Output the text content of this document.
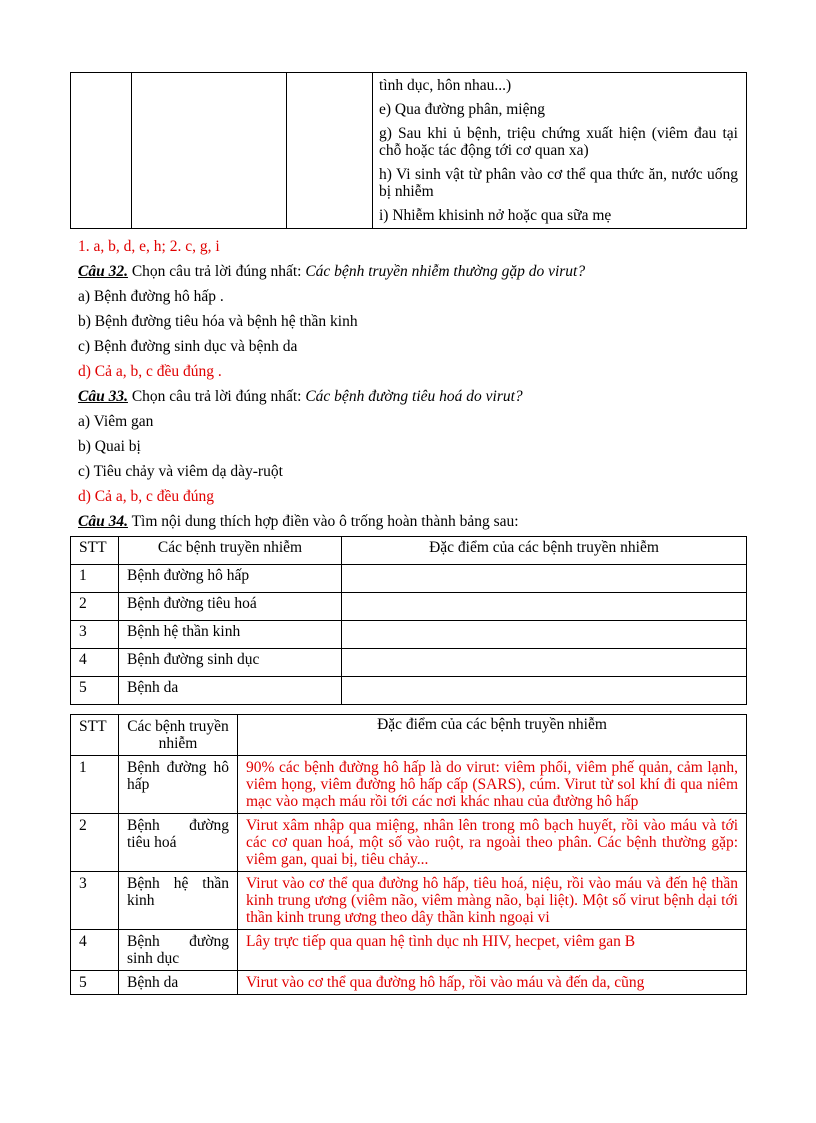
tình dục, hôn nhau...)
e) Qua đường phân, miệng
g) Sau khi ủ bệnh, triệu chứng xuất hiện (viêm đau tại chỗ hoặc tác động tới cơ quan xa)
h) Vi sinh vật từ phân vào cơ thể qua thức ăn, nước uống bị nhiễm
i) Nhiễm khisinh nở hoặc qua sữa mẹ
1. a, b, d, e, h; 2. c, g, i
Câu 32. Chọn câu trả lời đúng nhất: Các bệnh truyền nhiễm thường gặp do virut?
a) Bệnh đường hô hấp .
b) Bệnh đường tiêu hóa và bệnh hệ thần kinh
c) Bệnh đường sinh dục và bệnh da
d) Cả a, b, c đều đúng .
Câu 33. Chọn câu trả lời đúng nhất: Các bệnh đường tiêu hoá do virut?
a) Viêm gan
b) Quai bị
c) Tiêu chảy và viêm dạ dày-ruột
d) Cả a, b, c đều đúng
Câu 34. Tìm nội dung thích hợp điền vào ô trống hoàn thành bảng sau:
STT	Các bệnh truyền nhiễm	Đặc điểm của các bệnh truyền nhiễm
1	Bệnh đường hô hấp	
2	Bệnh đường tiêu hoá	
3	Bệnh hệ thần kinh	
4	Bệnh đường sinh dục	
5	Bệnh da	
STT	Các bệnh truyền nhiễm	Đặc điểm của các bệnh truyền nhiễm
1	Bệnh đường hô hấp	90% các bệnh đường hô hấp là do virut: viêm phổi, viêm phế quản, cảm lạnh, viêm họng, viêm đường hô hấp cấp (SARS), cúm. Virut từ sol khí đi qua niêm mạc vào mạch máu rồi tới các nơi khác nhau của đường hô hấp
2	Bệnh đường tiêu hoá	Virut xâm nhập qua miệng, nhân lên trong mô bạch huyết, rồi vào máu và tới các cơ quan hoá, một số vào ruột, ra ngoài theo phân. Các bệnh thường gặp: viêm gan, quai bị, tiêu chảy...
3	Bệnh hệ thần kinh	Virut vào cơ thể qua đường hô hấp, tiêu hoá, niệu, rồi vào máu và đến hệ thần kinh trung ương (viêm não, viêm màng não, bại liệt). Một số virut bệnh dại tới thần kinh trung ương theo dây thần kinh ngoại vi
4	Bệnh đường sinh dục	Lây trực tiếp qua quan hệ tình dục nh HIV, hecpet, viêm gan B
5	Bệnh da	Virut vào cơ thể qua đường hô hấp, rồi vào máu và đến da, cũng
